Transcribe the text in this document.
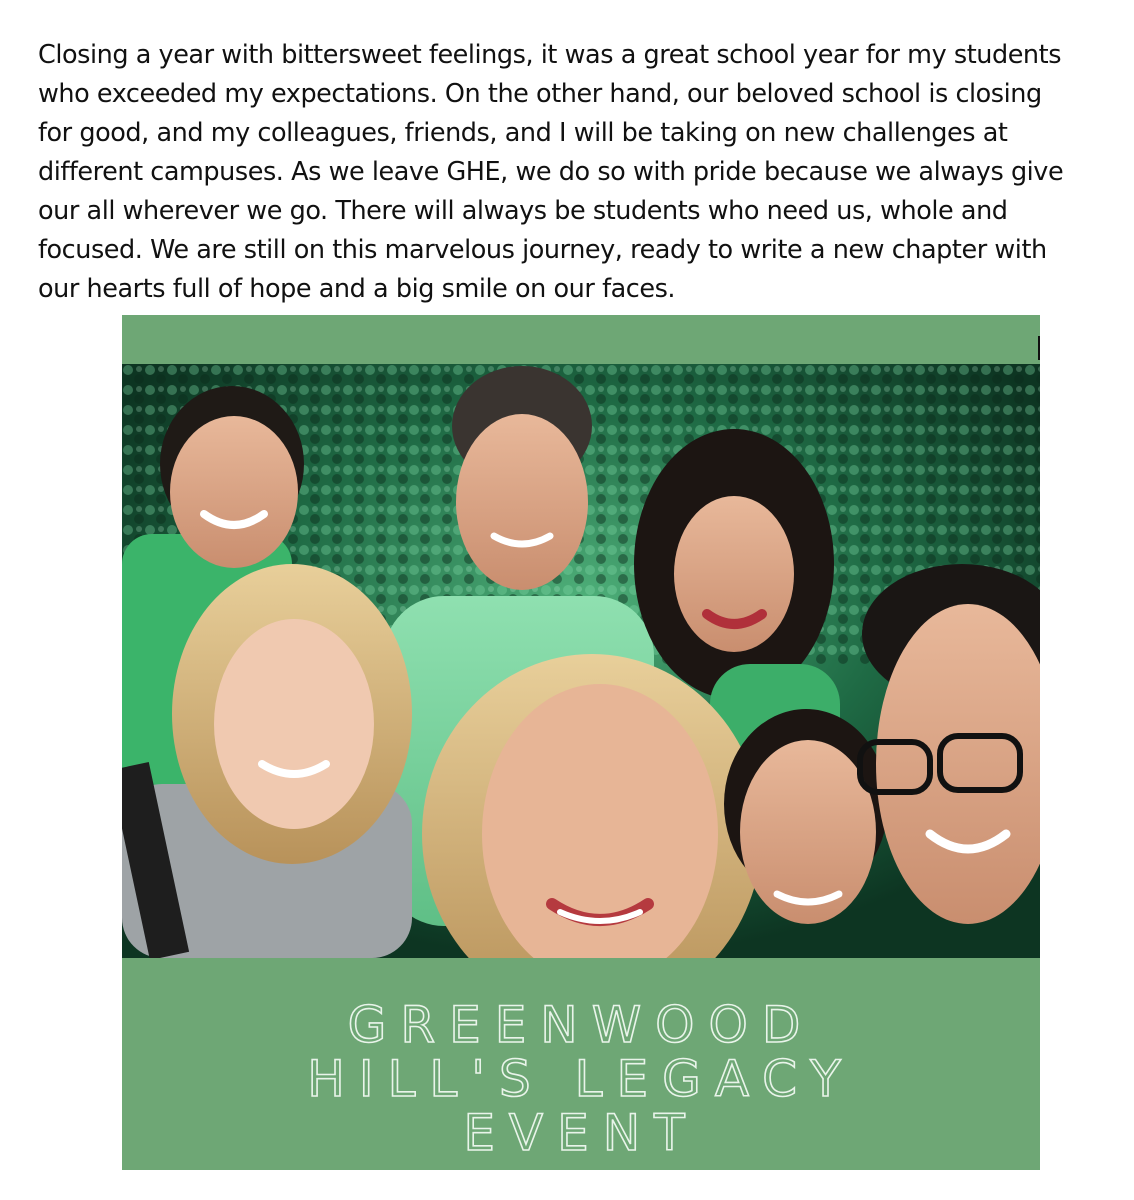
Closing a year with bittersweet feelings, it was a great school year for my students
who exceeded my expectations. On the other hand, our beloved school is closing
for good, and my colleagues, friends, and I will be taking on new challenges at
different campuses. As we leave GHE, we do so with pride because we always give
our all wherever we go. There will always be students who need us, whole and
focused. We are still on this marvelous journey, ready to write a new chapter with
our hearts full of hope and a big smile on our faces.

GREENWOOD
HILL'S LEGACY
EVENT
